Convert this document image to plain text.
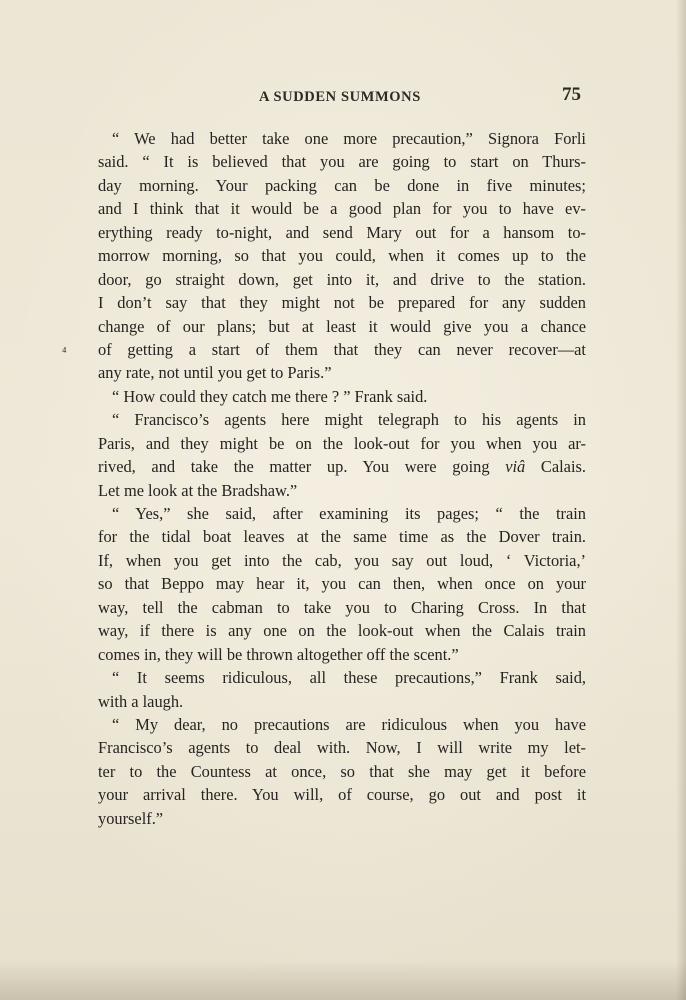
A SUDDEN SUMMONS	75
⁴
“ We had better take one more precaution,” Signora Forli
said. “ It is believed that you are going to start on Thurs-
day morning. Your packing can be done in five minutes;
and I think that it would be a good plan for you to have ev-
erything ready to-night, and send Mary out for a hansom to-
morrow morning, so that you could, when it comes up to the
door, go straight down, get into it, and drive to the station.
I don’t say that they might not be prepared for any sudden
change of our plans; but at least it would give you a chance
of getting a start of them that they can never recover—at
any rate, not until you get to Paris.”
“ How could they catch me there ? ” Frank said.
“ Francisco’s agents here might telegraph to his agents in
Paris, and they might be on the look-out for you when you ar-
rived, and take the matter up. You were going viâ Calais.
Let me look at the Bradshaw.”
“ Yes,” she said, after examining its pages; “ the train
for the tidal boat leaves at the same time as the Dover train.
If, when you get into the cab, you say out loud, ‘ Victoria,’
so that Beppo may hear it, you can then, when once on your
way, tell the cabman to take you to Charing Cross. In that
way, if there is any one on the look-out when the Calais train
comes in, they will be thrown altogether off the scent.”
“ It seems ridiculous, all these precautions,” Frank said,
with a laugh.
“ My dear, no precautions are ridiculous when you have
Francisco’s agents to deal with. Now, I will write my let-
ter to the Countess at once, so that she may get it before
your arrival there. You will, of course, go out and post it
yourself.”
